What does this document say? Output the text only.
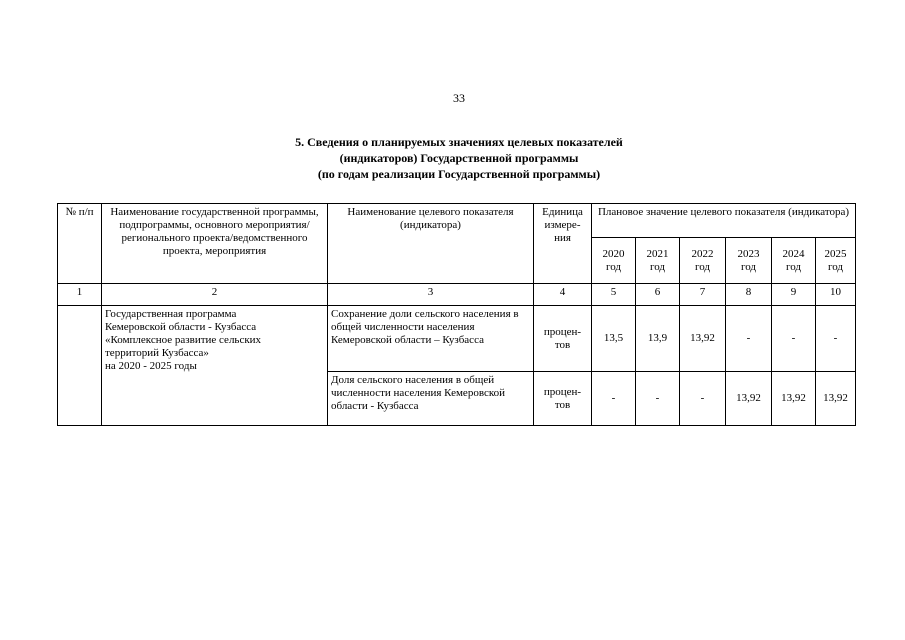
33
5. Сведения о планируемых значениях целевых показателей
(индикаторов) Государственной программы
(по годам реализации Государственной программы)
№ п/п	Наименование государственной программы, подпрограммы, основного мероприятия/регионального проекта/ведомственного проекта, мероприятия	Наименование целевого показателя (индикатора)	Единица измере-ния	Плановое значение целевого показателя (индикатора)					
				2020 год	2021 год	2022 год	2023 год	2024 год	2025 год
1	2	3	4	5	6	7	8	9	10

	Государственная программа
Кемеровской области - Кузбасса
«Комплексное развитие сельских
территорий Кузбасса»
на 2020 - 2025 годы	Сохранение доли сельского населения в общей численности населения Кемеровской области – Кузбасса	процен-тов	13,5	13,9	13,92	-	-	-
		Доля сельского населения в общей численности населения Кемеровской области - Кузбасса	процен-тов	-	-	-	13,92	13,92	13,92
